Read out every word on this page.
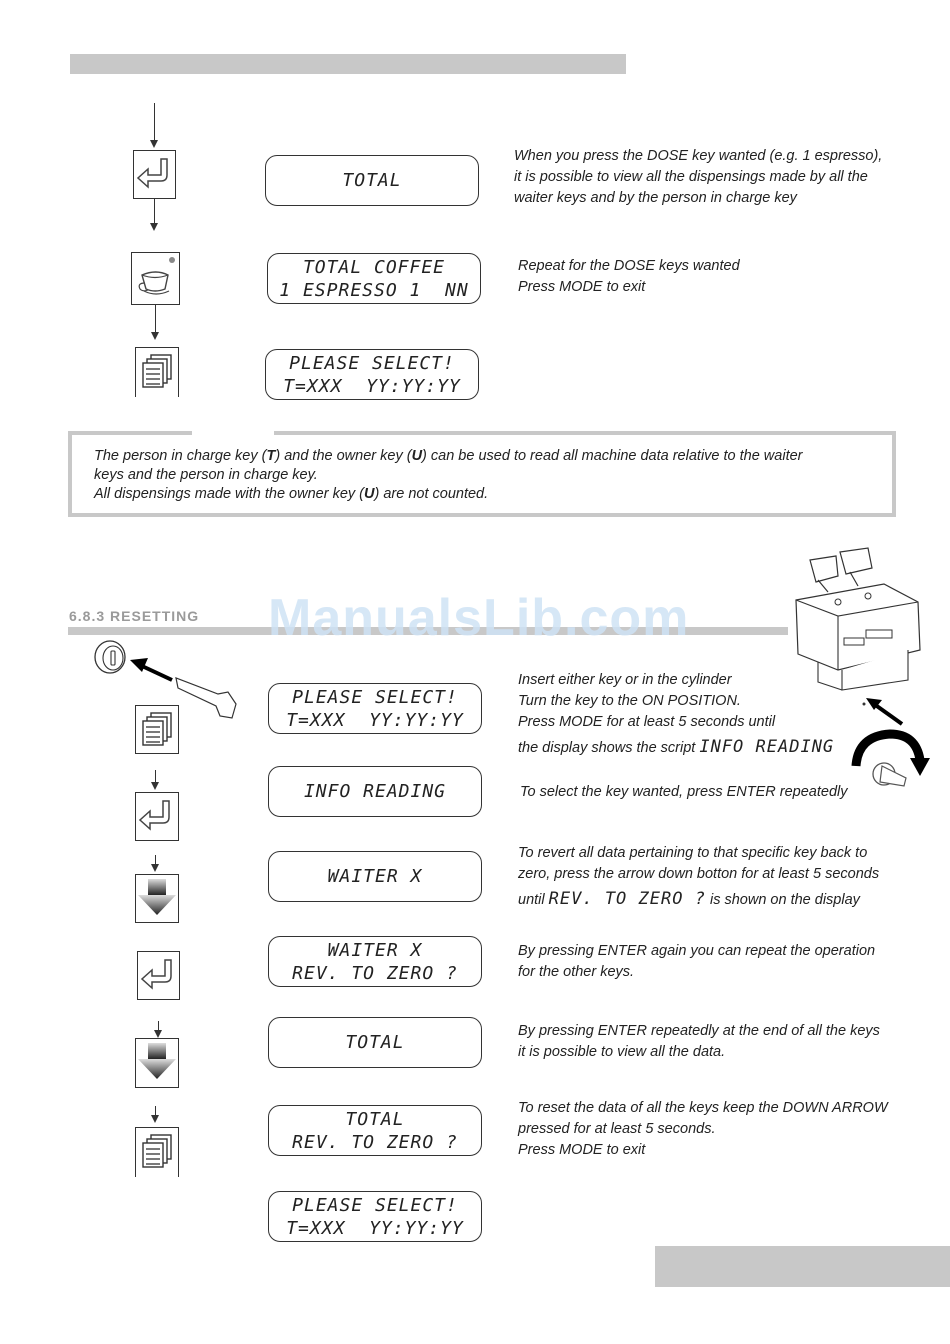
TOTAL
When you press the DOSE key wanted (e.g. 1 espresso),
it is possible to view all the dispensings made by all the
waiter keys and by the person in charge key
TOTAL COFFEE
1 ESPRESSO 1  NN
Repeat for the DOSE keys wanted
Press MODE to exit
PLEASE SELECT!
T=XXX  YY:YY:YY

The person in charge key (T) and the owner key (U) can be used to read all machine data relative to the waiter

keys and the person in charge key.

All dispensings made with the owner key (U) are not counted.

6.8.3 RESETTING ManualsLib.com
PLEASE SELECT!
T=XXX  YY:YY:YY
INFO READING
WAITER X
WAITER X
REV. TO ZERO ?
TOTAL
TOTAL
REV. TO ZERO ?
PLEASE SELECT!
T=XXX  YY:YY:YY
Insert either key or in the cylinder
Turn the key to the ON POSITION.
Press MODE for at least 5 seconds until
the display shows the script INFO READING
To select the key wanted, press ENTER repeatedly
To revert all data pertaining to that specific key back to
zero, press the arrow down botton for at least 5 seconds
until REV. TO ZERO ? is shown on the display
By pressing ENTER again you can repeat the operation
for the other keys.
By pressing ENTER repeatedly at the end of all the keys
it is possible to view all the data.
To reset the data of all the keys keep the DOWN ARROW
pressed for at least 5 seconds.
Press MODE to exit
